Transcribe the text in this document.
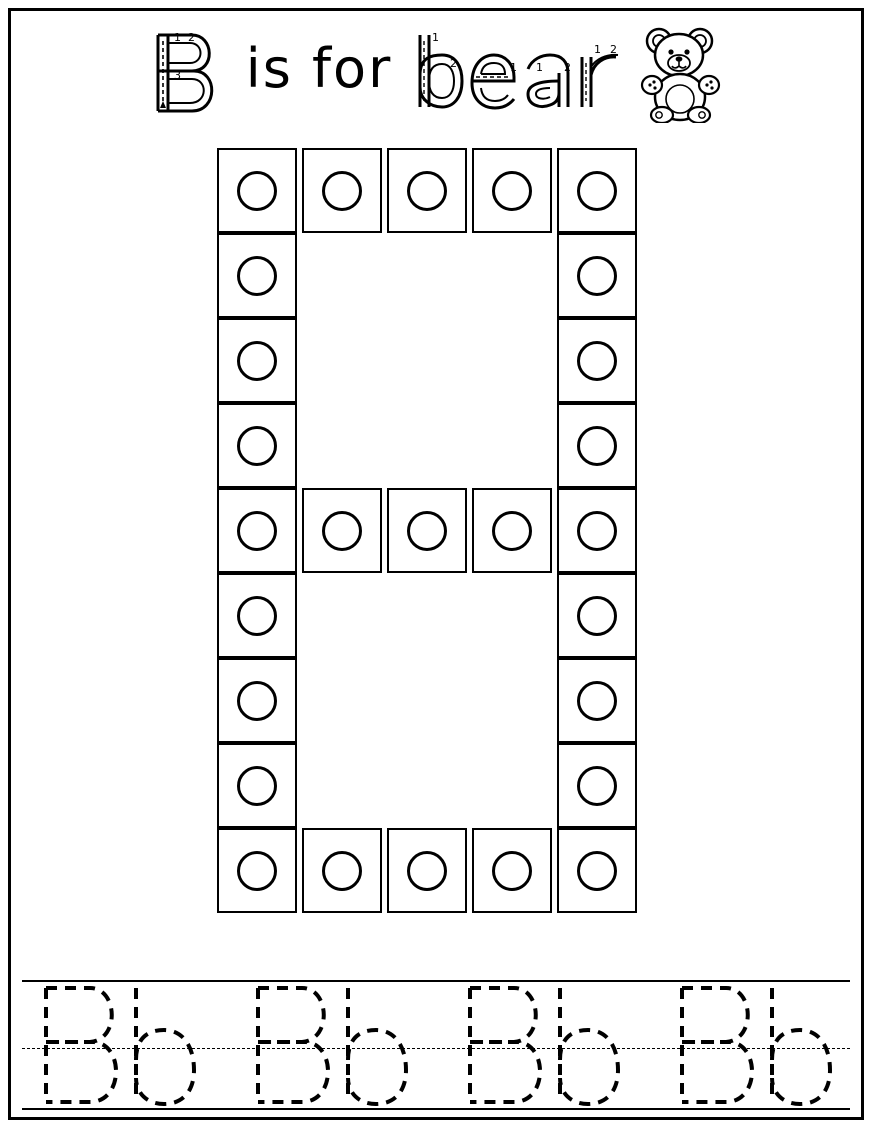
1 2
3 is for	1
2	1 1 2
1 2
